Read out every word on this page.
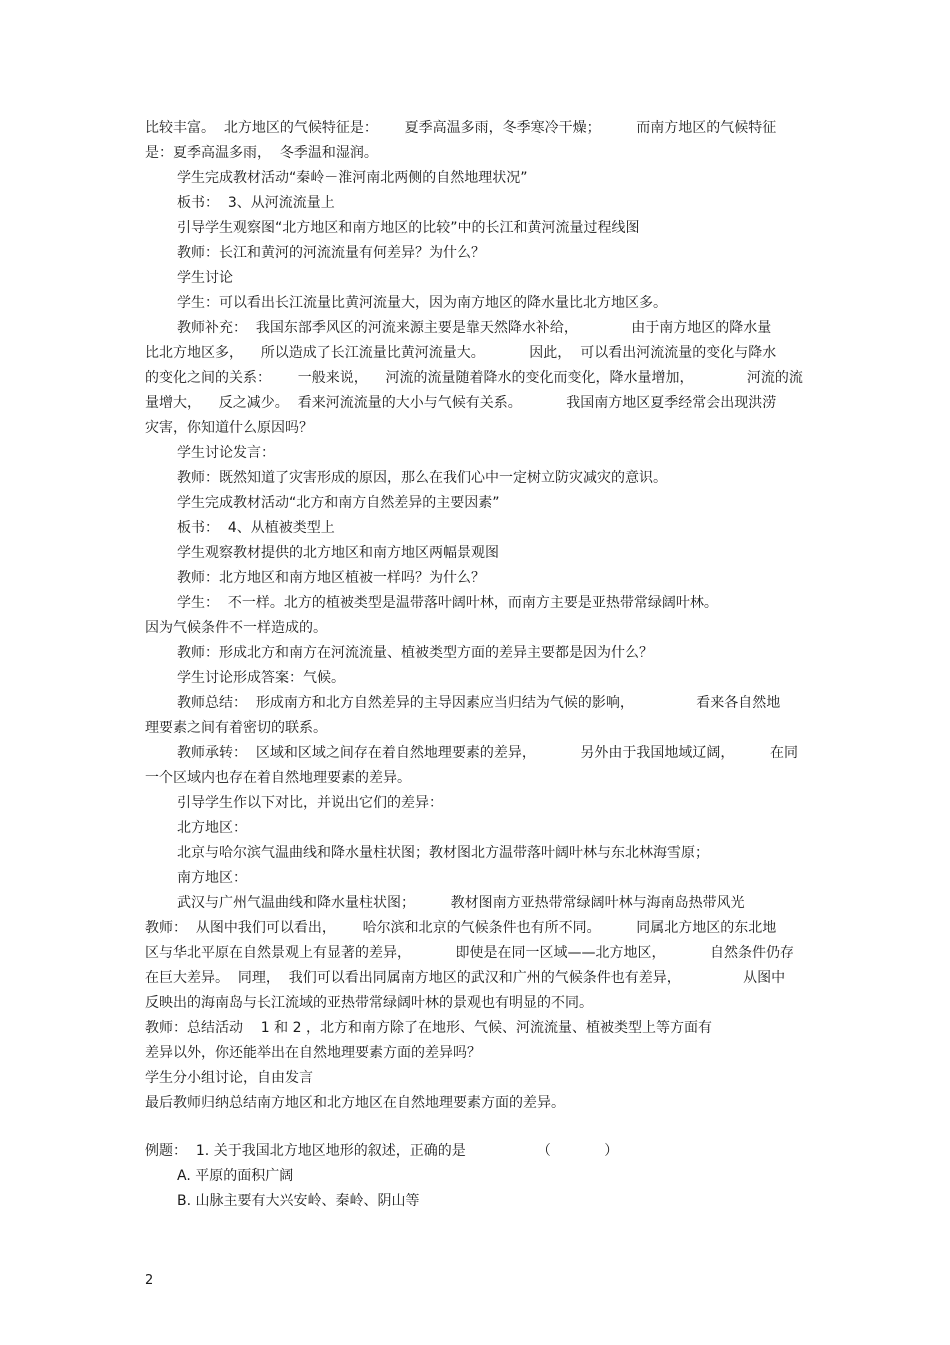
比较丰富。  北方地区的气候特征是：      夏季高温多雨，冬季寒冷干燥；        而南方地区的气候特征
是：夏季高温多雨，  冬季温和湿润。
学生完成教材活动“秦岭－淮河南北两侧的自然地理状况”
板书：  3、从河流流量上
引导学生观察图“北方地区和南方地区的比较”中的长江和黄河流量过程线图
教师：长江和黄河的河流流量有何差异？为什么？
学生讨论
学生：可以看出长江流量比黄河流量大，因为南方地区的降水量比北方地区多。
教师补充：  我国东部季风区的河流来源主要是靠天然降水补给，            由于南方地区的降水量
比北方地区多，    所以造成了长江流量比黄河流量大。          因此，  可以看出河流流量的变化与降水
的变化之间的关系：      一般来说，    河流的流量随着降水的变化而变化，降水量增加，            河流的流
量增大，    反之减少。  看来河流流量的大小与气候有关系。          我国南方地区夏季经常会出现洪涝
灾害，你知道什么原因吗？
学生讨论发言：
教师：既然知道了灾害形成的原因，那么在我们心中一定树立防灾减灾的意识。
学生完成教材活动“北方和南方自然差异的主要因素”
板书：  4、从植被类型上
学生观察教材提供的北方地区和南方地区两幅景观图
教师：北方地区和南方地区植被一样吗？为什么？
学生：  不一样。北方的植被类型是温带落叶阔叶林，而南方主要是亚热带常绿阔叶林。
因为气候条件不一样造成的。
教师：形成北方和南方在河流流量、植被类型方面的差异主要都是因为什么？
学生讨论形成答案：气候。
教师总结：  形成南方和北方自然差异的主导因素应当归结为气候的影响，              看来各自然地
理要素之间有着密切的联系。
教师承转：  区域和区域之间存在着自然地理要素的差异，          另外由于我国地域辽阔，        在同
一个区域内也存在着自然地理要素的差异。
引导学生作以下对比，并说出它们的差异：
北方地区：
北京与哈尔滨气温曲线和降水量柱状图；教材图北方温带落叶阔叶林与东北林海雪原；
南方地区：
武汉与广州气温曲线和降水量柱状图；        教材图南方亚热带常绿阔叶林与海南岛热带风光
教师：  从图中我们可以看出，      哈尔滨和北京的气候条件也有所不同。        同属北方地区的东北地
区与华北平原在自然景观上有显著的差异，          即使是在同一区域——北方地区，          自然条件仍存
在巨大差异。  同理，  我们可以看出同属南方地区的武汉和广州的气候条件也有差异，              从图中
反映出的海南岛与长江流域的亚热带常绿阔叶林的景观也有明显的不同。
教师：总结活动    1 和 2 ，北方和南方除了在地形、气候、河流流量、植被类型上等方面有
差异以外，你还能举出在自然地理要素方面的差异吗？
学生分小组讨论，自由发言
最后教师归纳总结南方地区和北方地区在自然地理要素方面的差异。
例题：  1. 关于我国北方地区地形的叙述，正确的是                （            ）
A. 平原的面积广阔
B. 山脉主要有大兴安岭、秦岭、阴山等
2
